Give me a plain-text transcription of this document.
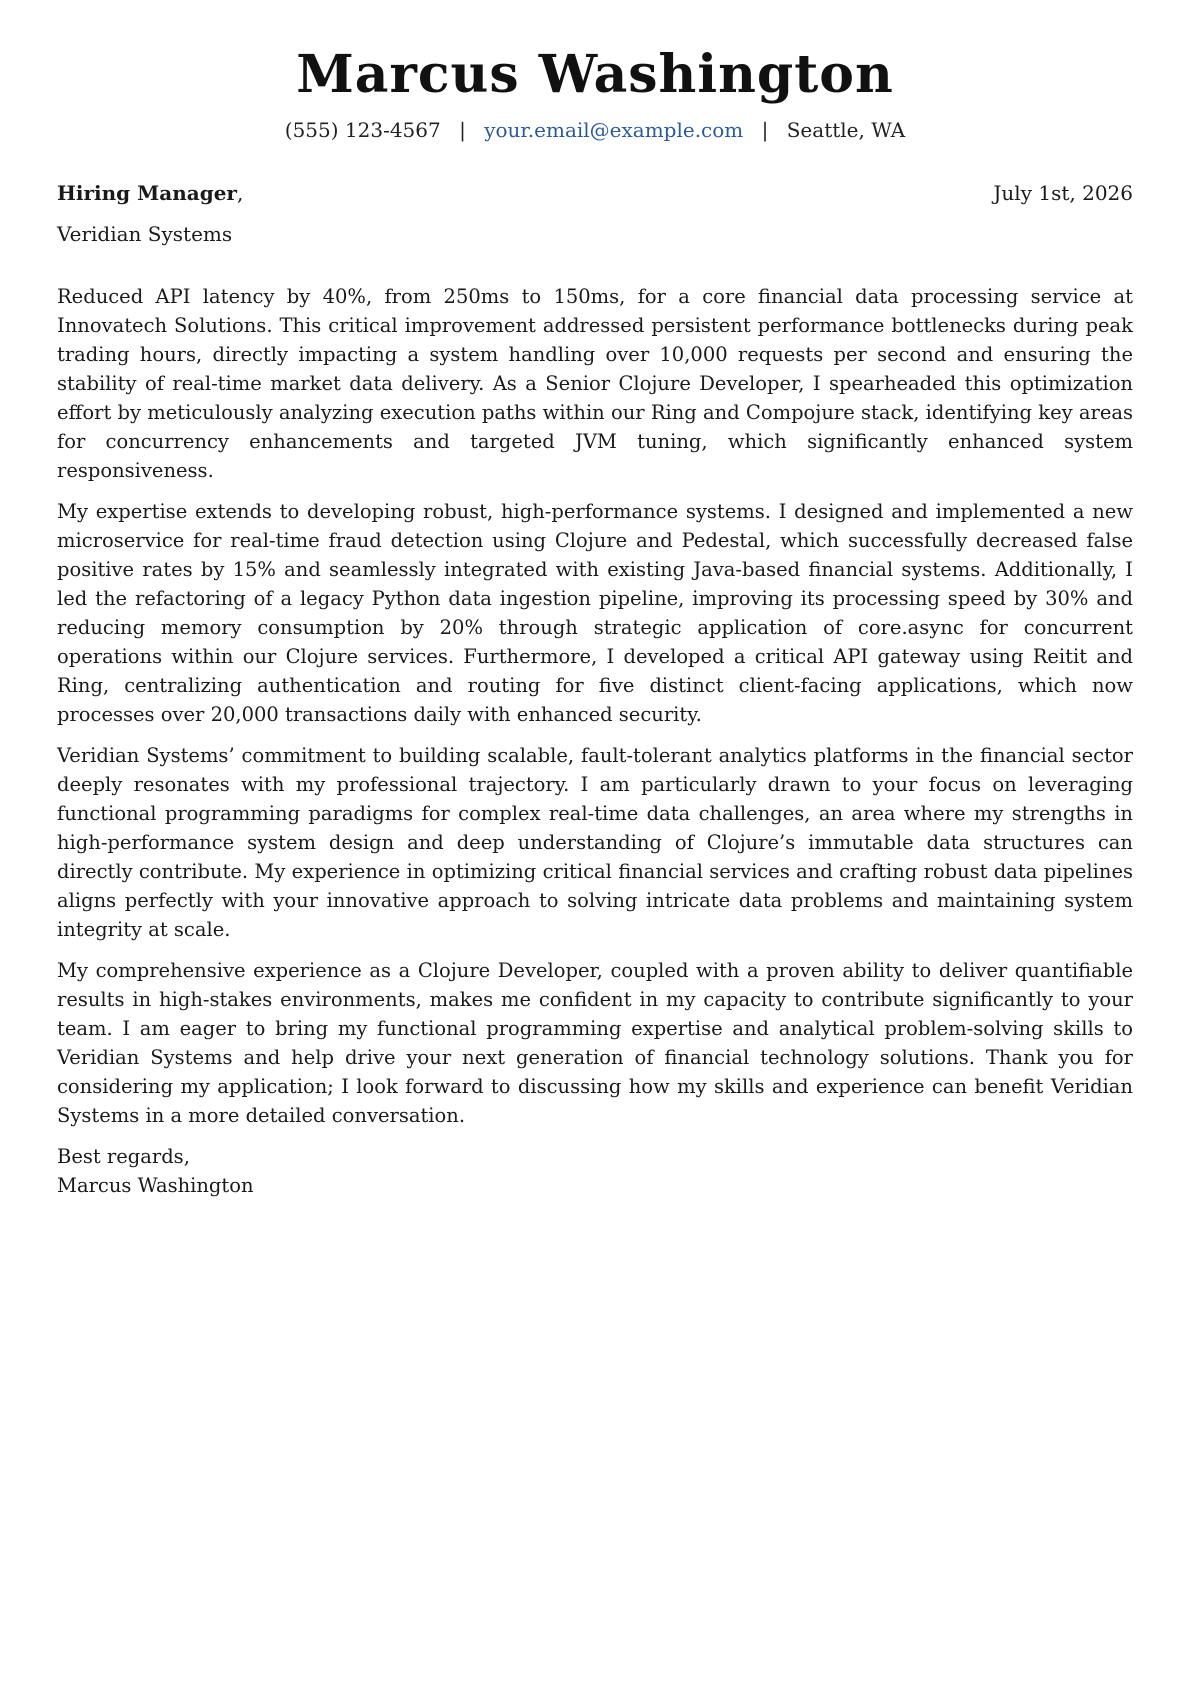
Marcus Washington
(555) 123-4567 | your.email@example.com | Seattle, WA
Hiring Manager,	July 1st, 2026
Veridian Systems

Reduced API latency by 40%, from 250ms to 150ms, for a core financial data processing service at Innovatech Solutions. This critical improvement addressed persistent performance bottlenecks during peak trading hours, directly impacting a system handling over 10,000 requests per second and ensuring the stability of real-time market data delivery. As a Senior Clojure Developer, I spearheaded this optimization effort by meticulously analyzing execution paths within our Ring and Compojure stack, identifying key areas for concurrency enhancements and targeted JVM tuning, which significantly enhanced system responsiveness.

My expertise extends to developing robust, high-performance systems. I designed and implemented a new microservice for real-time fraud detection using Clojure and Pedestal, which successfully decreased false positive rates by 15% and seamlessly integrated with existing Java-based financial systems. Additionally, I led the refactoring of a legacy Python data ingestion pipeline, improving its processing speed by 30% and reducing memory consumption by 20% through strategic application of core.async for concurrent operations within our Clojure services. Furthermore, I developed a critical API gateway using Reitit and Ring, centralizing authentication and routing for five distinct client-facing applications, which now processes over 20,000 transactions daily with enhanced security.

Veridian Systems’ commitment to building scalable, fault-tolerant analytics platforms in the financial sector deeply resonates with my professional trajectory. I am particularly drawn to your focus on leveraging functional programming paradigms for complex real-time data challenges, an area where my strengths in high-performance system design and deep understanding of Clojure’s immutable data structures can directly contribute. My experience in optimizing critical financial services and crafting robust data pipelines aligns perfectly with your innovative approach to solving intricate data problems and maintaining system integrity at scale.

My comprehensive experience as a Clojure Developer, coupled with a proven ability to deliver quantifiable results in high-stakes environments, makes me confident in my capacity to contribute significantly to your team. I am eager to bring my functional programming expertise and analytical problem-solving skills to Veridian Systems and help drive your next generation of financial technology solutions. Thank you for considering my application; I look forward to discussing how my skills and experience can benefit Veridian Systems in a more detailed conversation.

Best regards,
Marcus Washington
